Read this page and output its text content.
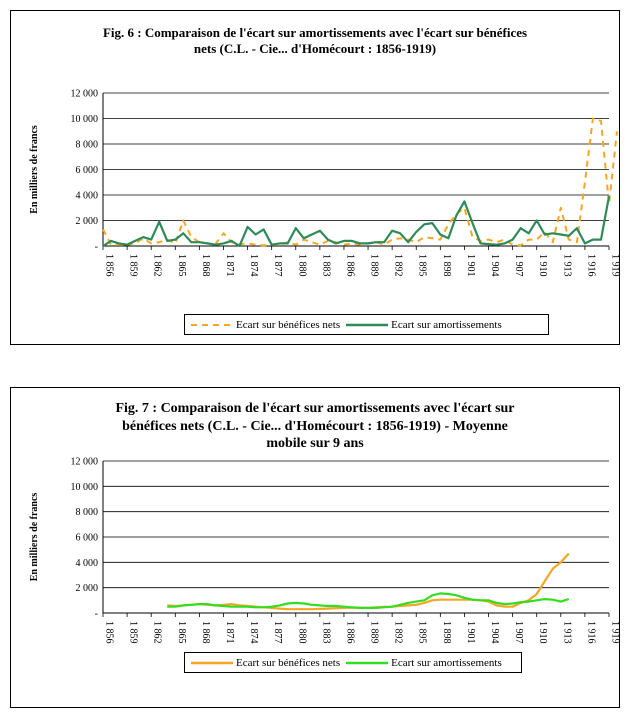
Fig. 6 : Comparaison de l'écart sur amortissements avec l'écart sur bénéfices
nets (C.L. - Cie... d'Homécourt : 1856-1919)
-
2 000
4 000
6 000
8 000
10 000
12 000
1 856 1 859 1 862 1 865 1 868 1 871 1 874 1 877 1 880 1 883 1 886 1 889 1 892 1 895 1 898 1 901 1 904 1 907 1 910 1 913 1 916 1 919
En milliers de francs
Ecart sur bénéfices nets	Ecart sur amortissements
Fig. 7 : Comparaison de l'écart sur amortissements avec l'écart sur
bénéfices nets (C.L. - Cie... d'Homécourt : 1856-1919) - Moyenne
mobile sur 9 ans
-
2 000
4 000
6 000
8 000
10 000
12 000
1 856 1 859 1 862 1 865 1 868 1 871 1 874 1 877 1 880 1 883 1 886 1 889 1 892 1 895 1 898 1 901 1 904 1 907 1 910 1 913 1 916 1 919
En milliers de francs
Ecart sur bénéfices nets	Ecart sur amortissements
